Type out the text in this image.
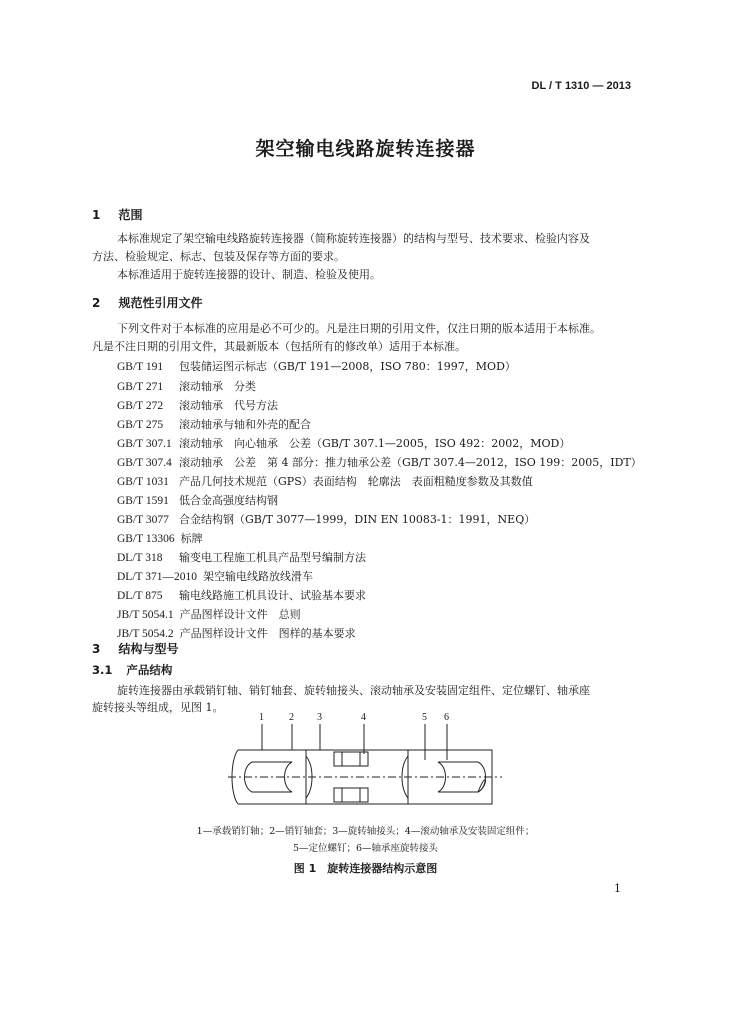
DL / T 1310 — 2013
架空输电线路旋转连接器
1 范围
本标准规定了架空输电线路旋转连接器（简称旋转连接器）的结构与型号、技术要求、检验内容及
方法、检验规定、标志、包装及保存等方面的要求。
本标准适用于旋转连接器的设计、制造、检验及使用。
2 规范性引用文件
下列文件对于本标准的应用是必不可少的。凡是注日期的引用文件，仅注日期的版本适用于本标准。
凡是不注日期的引用文件，其最新版本（包括所有的修改单）适用于本标准。
GB/T 191 包装储运图示标志（GB/T 191—2008，ISO 780：1997，MOD）
GB/T 271 滚动轴承　分类
GB/T 272 滚动轴承　代号方法
GB/T 275 滚动轴承与轴和外壳的配合
GB/T 307.1 滚动轴承　向心轴承　公差（GB/T 307.1—2005，ISO 492：2002，MOD）
GB/T 307.4 滚动轴承　公差　第 4 部分：推力轴承公差（GB/T 307.4—2012，ISO 199：2005，IDT）
GB/T 1031 产品几何技术规范（GPS）表面结构　轮廓法　表面粗糙度参数及其数值
GB/T 1591 低合金高强度结构钢
GB/T 3077 合金结构钢（GB/T 3077—1999，DIN EN 10083-1：1991，NEQ）
GB/T 13306 标牌
DL/T 318 输变电工程施工机具产品型号编制方法
DL/T 371—2010 架空输电线路放线滑车
DL/T 875 输电线路施工机具设计、试验基本要求
JB/T 5054.1 产品图样设计文件　总则
JB/T 5054.2 产品图样设计文件　图样的基本要求
3 结构与型号
3.1 产品结构
旋转连接器由承载销钉轴、销钉轴套、旋转轴接头、滚动轴承及安装固定组件、定位螺钉、轴承座
旋转接头等组成，见图 1。
1	2 3	4	5 6
1—承载销钉轴；2—销钉轴套；3—旋转轴接头；4—滚动轴承及安装固定组件；
5—定位螺钉；6—轴承座旋转接头
图 1　旋转连接器结构示意图
1
